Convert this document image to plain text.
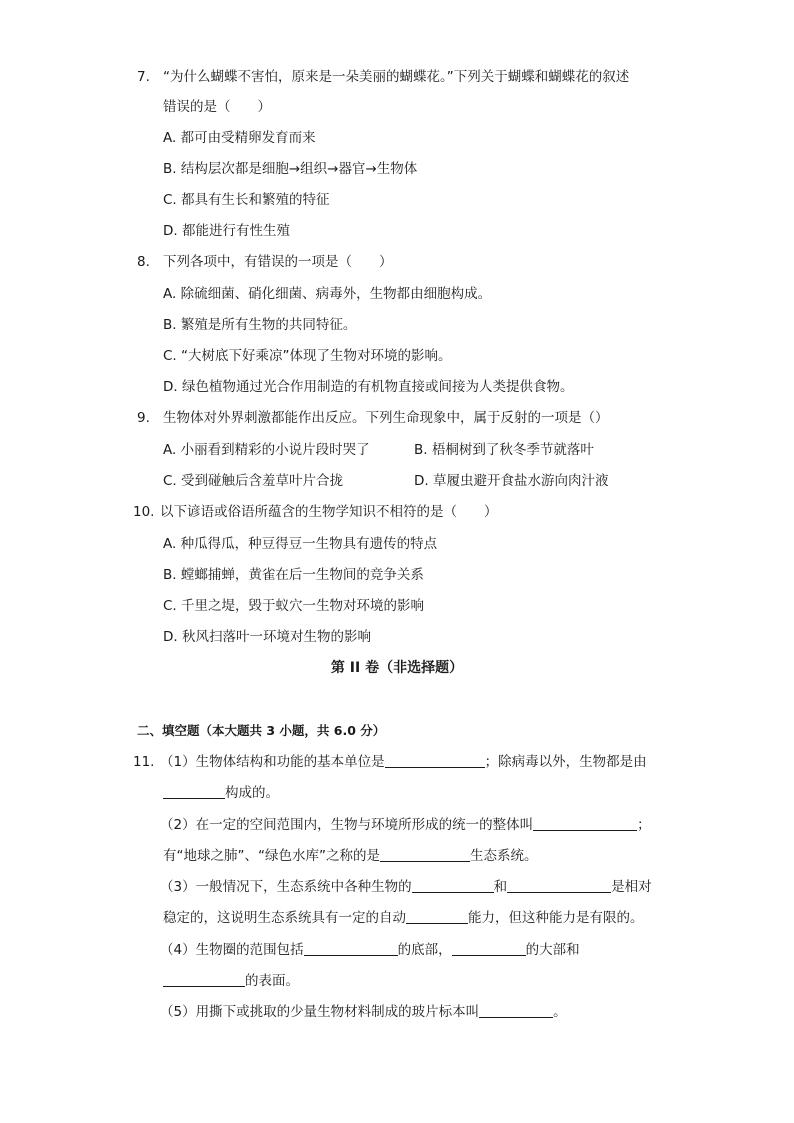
7. “为什么蝴蝶不害怕，原来是一朵美丽的蝴蝶花。”下列关于蝴蝶和蝴蝶花的叙述
错误的是（　　）
A. 都可由受精卵发育而来
B. 结构层次都是细胞→组织→器官→生物体
C. 都具有生长和繁殖的特征
D. 都能进行有性生殖
8. 下列各项中，有错误的一项是（　　）
A. 除硫细菌、硝化细菌、病毒外，生物都由细胞构成。
B. 繁殖是所有生物的共同特征。
C. “大树底下好乘凉”体现了生物对环境的影响。
D. 绿色植物通过光合作用制造的有机物直接或间接为人类提供食物。
9. 生物体对外界刺激都能作出反应。下列生命现象中，属于反射的一项是（）
A. 小丽看到精彩的小说片段时哭了	B. 梧桐树到了秋冬季节就落叶
C. 受到碰触后含羞草叶片合拢	D. 草履虫避开食盐水游向肉汁液
10. 以下谚语或俗语所蕴含的生物学知识不相符的是（　　）
A. 种瓜得瓜，种豆得豆一生物具有遗传的特点
B. 螳螂捕蝉，黄雀在后一生物间的竞争关系
C. 千里之堤，毁于蚁穴一生物对环境的影响
D. 秋风扫落叶一环境对生物的影响
第 II 卷（非选择题）
二、填空题（本大题共 3 小题，共 6.0 分）
11. （1）生物体结构和功能的基本单位是	；除病毒以外，生物都是由
构成的。
（2）在一定的空间范围内，生物与环境所形成的统一的整体叫	；
有“地球之肺”、“绿色水库”之称的是	生态系统。
（3）一般情况下，生态系统中各种生物的	和	是相对
稳定的，这说明生态系统具有一定的自动	能力，但这种能力是有限的。
（4）生物圈的范围包括	的底部，	的大部和
的表面。
（5）用撕下或挑取的少量生物材料制成的玻片标本叫	。
